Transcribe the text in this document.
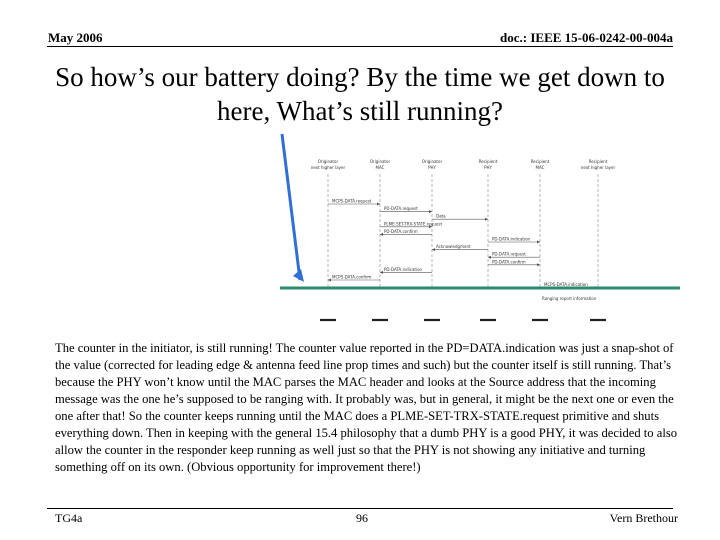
May 2006	doc.: IEEE 15-06-0242-00-004a
So how’s our battery doing? By the time we get down to here, What’s still running?
Originator
next higher layer
Originator
MAC
Originator
PHY
Recipient
PHY
Recipient
MAC
Recipient
next higher layer
MCPS-DATA.request
PD-DATA.request
Data
PLME-SET-TRX-STATE.request
PD-DATA.confirm
PD-DATA.indication
Acknowledgment
PD-DATA.request
PD-DATA.confirm
PD-DATA.indication
MCPS-DATA.confirm
MCPS-DATA.indication
Ranging report information
The counter in the initiator, is still running! The counter value reported in the PD=DATA.indication was just a snap-shot of the value (corrected for leading edge & antenna feed line prop times and such) but the counter itself is still running. That’s because the PHY won’t know until the MAC parses the MAC header and looks at the Source address that the incoming message was the one he’s supposed to be ranging with. It probably was, but in general, it might be the next one or even the one after that! So the counter keeps running until the MAC does a PLME-SET-TRX-STATE.request primitive and shuts everything down. Then in keeping with the general 15.4 philosophy that a dumb PHY is a good PHY, it was decided to also allow the counter in the responder keep running as well just so that the PHY is not showing any initiative and turning something off on its own. (Obvious opportunity for improvement there!)
TG4a	96	Vern Brethour
